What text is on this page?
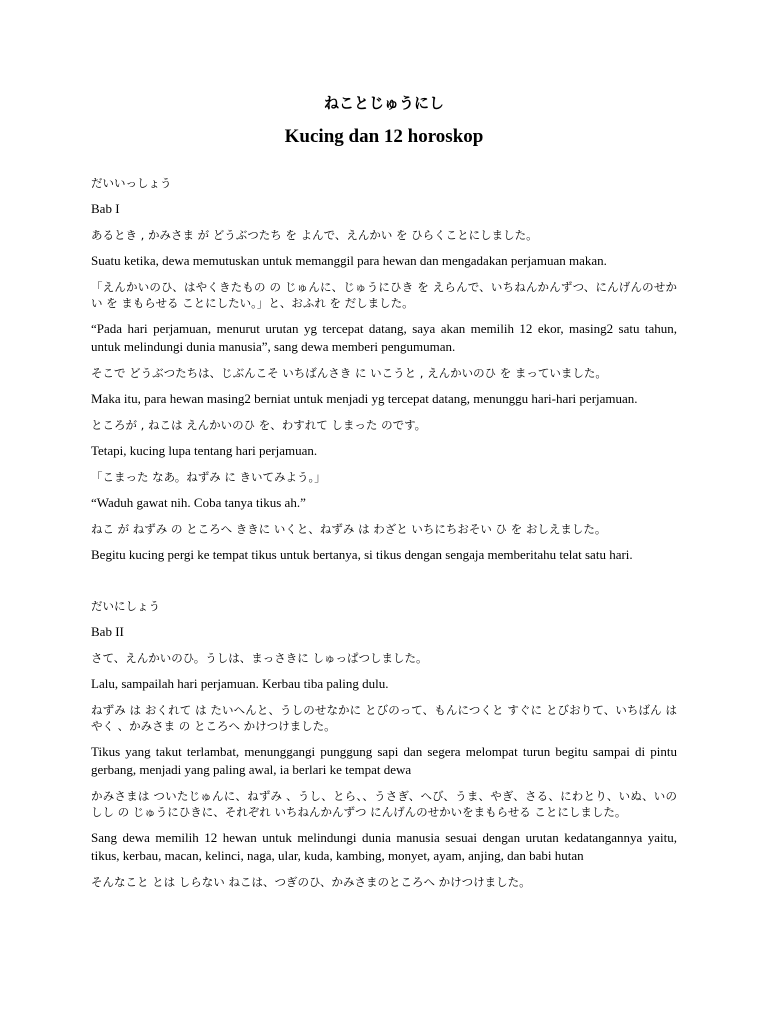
ねことじゅうにし
Kucing dan 12 horoskop

だいいっしょう

Bab I

あるとき , かみさま が どうぶつたち を よんで、えんかい を ひらくことにしました。

Suatu ketika, dewa memutuskan untuk memanggil para hewan dan mengadakan perjamuan makan.

「えんかいのひ、はやくきたもの の じゅんに、じゅうにひき を えらんで、いちねんかんずつ、にんげんのせかい を まもらせる ことにしたい。」と、おふれ を だしました。

“Pada hari perjamuan, menurut urutan yg tercepat datang, saya akan memilih 12 ekor, masing2 satu tahun, untuk melindungi dunia manusia”, sang dewa memberi pengumuman.

そこで どうぶつたちは、じぶんこそ いちばんさき に いこうと , えんかいのひ を まっていました。

Maka itu, para hewan masing2 berniat untuk menjadi yg tercepat datang, menunggu hari-hari perjamuan.

ところが , ねこは えんかいのひ を、わすれて しまった のです。

Tetapi, kucing lupa tentang hari perjamuan.

「こまった なあ。ねずみ に きいてみよう。」

“Waduh gawat nih. Coba tanya tikus ah.”

ねこ が ねずみ の ところへ ききに いくと、ねずみ は わざと いちにちおそい ひ を おしえました。

Begitu kucing pergi ke tempat tikus untuk bertanya, si tikus dengan sengaja memberitahu telat satu hari.

だいにしょう

Bab II

さて、えんかいのひ。うしは、まっさきに しゅっぱつしました。

Lalu, sampailah hari perjamuan. Kerbau tiba paling dulu.

ねずみ は おくれて は たいへんと、うしのせなかに とびのって、もんにつくと すぐに とびおりて、いちばん はやく 、かみさま の ところへ かけつけました。

Tikus yang takut terlambat, menunggangi punggung sapi dan segera melompat turun begitu sampai di pintu gerbang, menjadi yang paling awal, ia berlari ke tempat dewa

かみさまは ついたじゅんに、ねずみ 、うし、とら、、うさぎ、へび、うま、やぎ、さる、にわとり、いぬ、いのしし の じゅうにひきに、それぞれ いちねんかんずつ にんげんのせかいをまもらせる ことにしました。

Sang dewa memilih 12 hewan untuk melindungi dunia manusia sesuai dengan urutan kedatangannya yaitu, tikus, kerbau, macan, kelinci, naga, ular, kuda, kambing, monyet, ayam, anjing, dan babi hutan

そんなこと とは しらない ねこは、つぎのひ、かみさまのところへ かけつけました。
